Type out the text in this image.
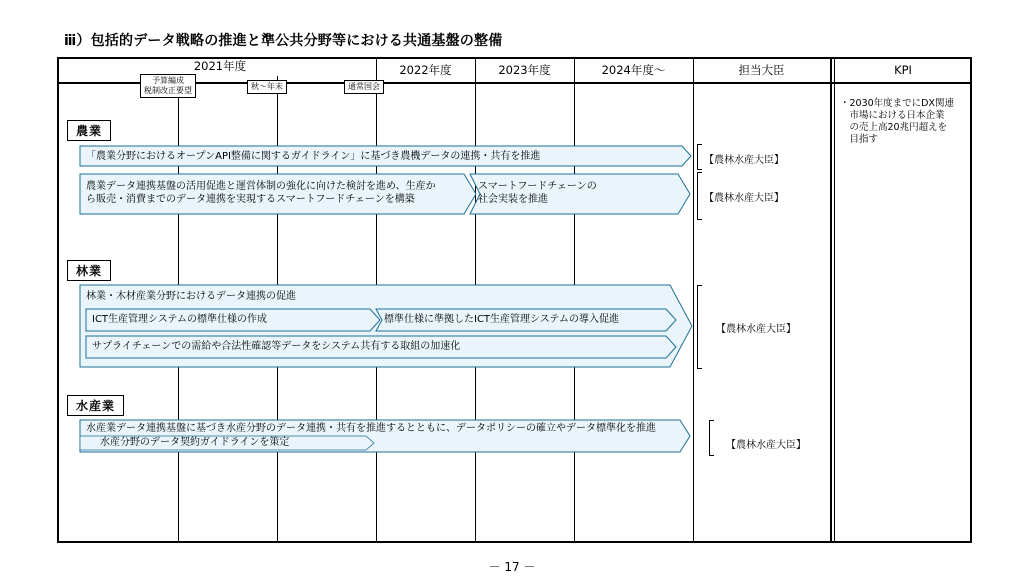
ⅲ）包括的データ戦略の推進と準公共分野等における共通基盤の整備
2021年度	2022年度	2023年度	2024年度～	担当大臣	KPI
予算編成
税制改正要望	秋～年末	通常国会
農業
「農業分野におけるオープンAPI整備に関するガイドライン」に基づき農機データの連携・共有を推進
農業データ連携基盤の活用促進と運営体制の強化に向けた検討を進め、生産か
ら販売・消費までのデータ連携を実現するスマートフードチェーンを構築
スマートフードチェーンの
社会実装を推進
【農林水産大臣】
【農林水産大臣】
林業
林業・木材産業分野におけるデータ連携の促進
ICT生産管理システムの標準仕様の作成	標準仕様に準拠したICT生産管理システムの導入促進
サプライチェーンでの需給や合法性確認等データをシステム共有する取組の加速化
【農林水産大臣】
水産業
水産業データ連携基盤に基づき水産分野のデータ連携・共有を推進するとともに、データポリシーの確立やデータ標準化を推進
水産分野のデータ契約ガイドラインを策定	【農林水産大臣】
・2030年度までにDX関連
　市場における日本企業
　の売上高20兆円超えを
　目指す
－ 17 －
